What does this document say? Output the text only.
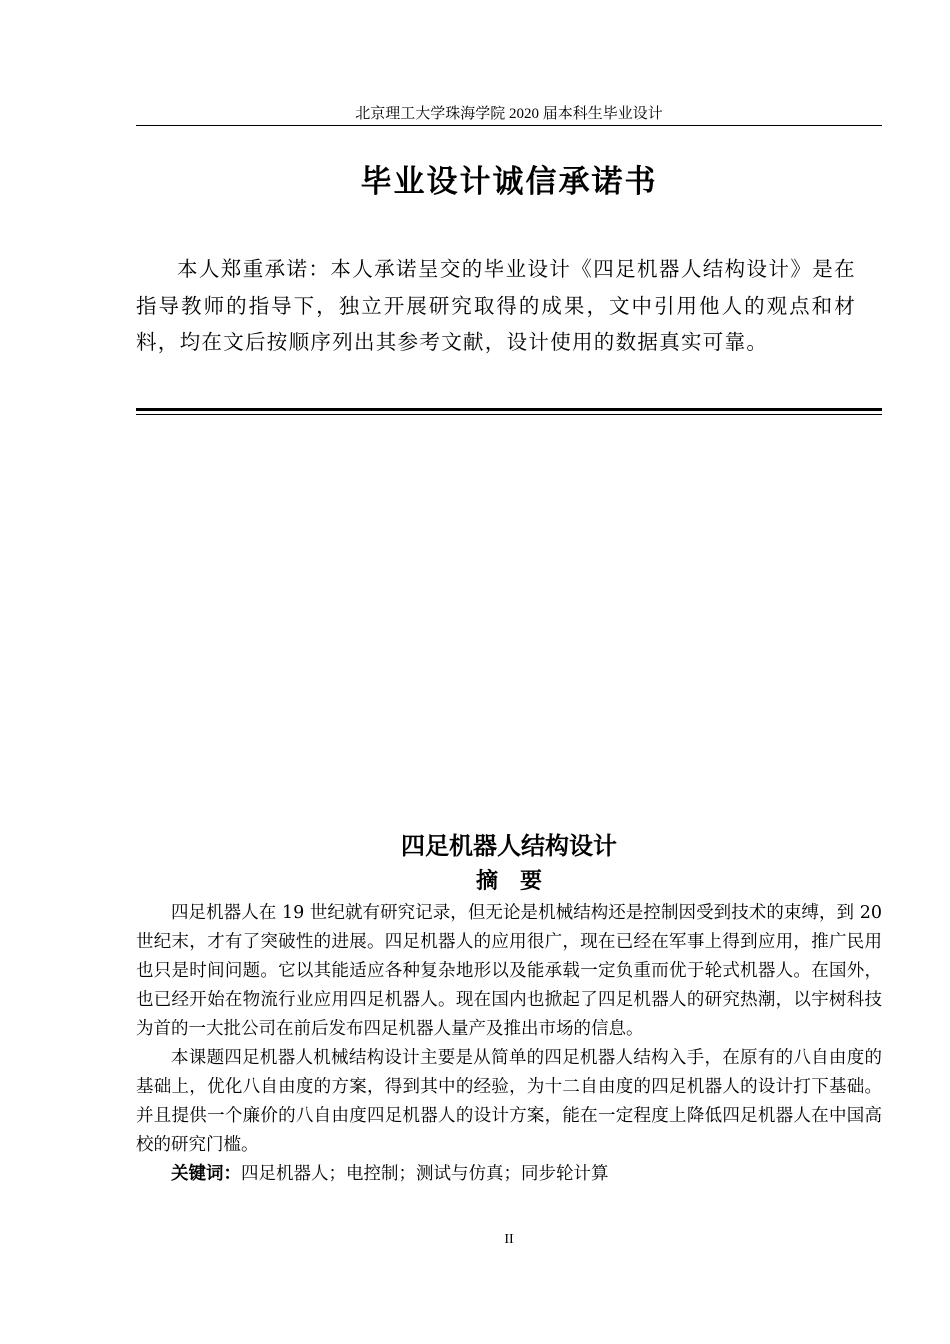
北京理工大学珠海学院 2020 届本科生毕业设计
毕业设计诚信承诺书
本人郑重承诺：本人承诺呈交的毕业设计《四足机器人结构设计》是在指导教师的指导下，独立开展研究取得的成果，文中引用他人的观点和材料，均在文后按顺序列出其参考文献，设计使用的数据真实可靠。
四足机器人结构设计
摘要

四足机器人在 19 世纪就有研究记录，但无论是机械结构还是控制因受到技术的束缚，到 20 世纪末，才有了突破性的进展。四足机器人的应用很广，现在已经在军事上得到应用，推广民用也只是时间问题。它以其能适应各种复杂地形以及能承载一定负重而优于轮式机器人。在国外，也已经开始在物流行业应用四足机器人。现在国内也掀起了四足机器人的研究热潮，以宇树科技为首的一大批公司在前后发布四足机器人量产及推出市场的信息。

本课题四足机器人机械结构设计主要是从简单的四足机器人结构入手，在原有的八自由度的基础上，优化八自由度的方案，得到其中的经验，为十二自由度的四足机器人的设计打下基础。并且提供一个廉价的八自由度四足机器人的设计方案，能在一定程度上降低四足机器人在中国高校的研究门槛。

关键词：四足机器人；电控制；测试与仿真；同步轮计算

II
